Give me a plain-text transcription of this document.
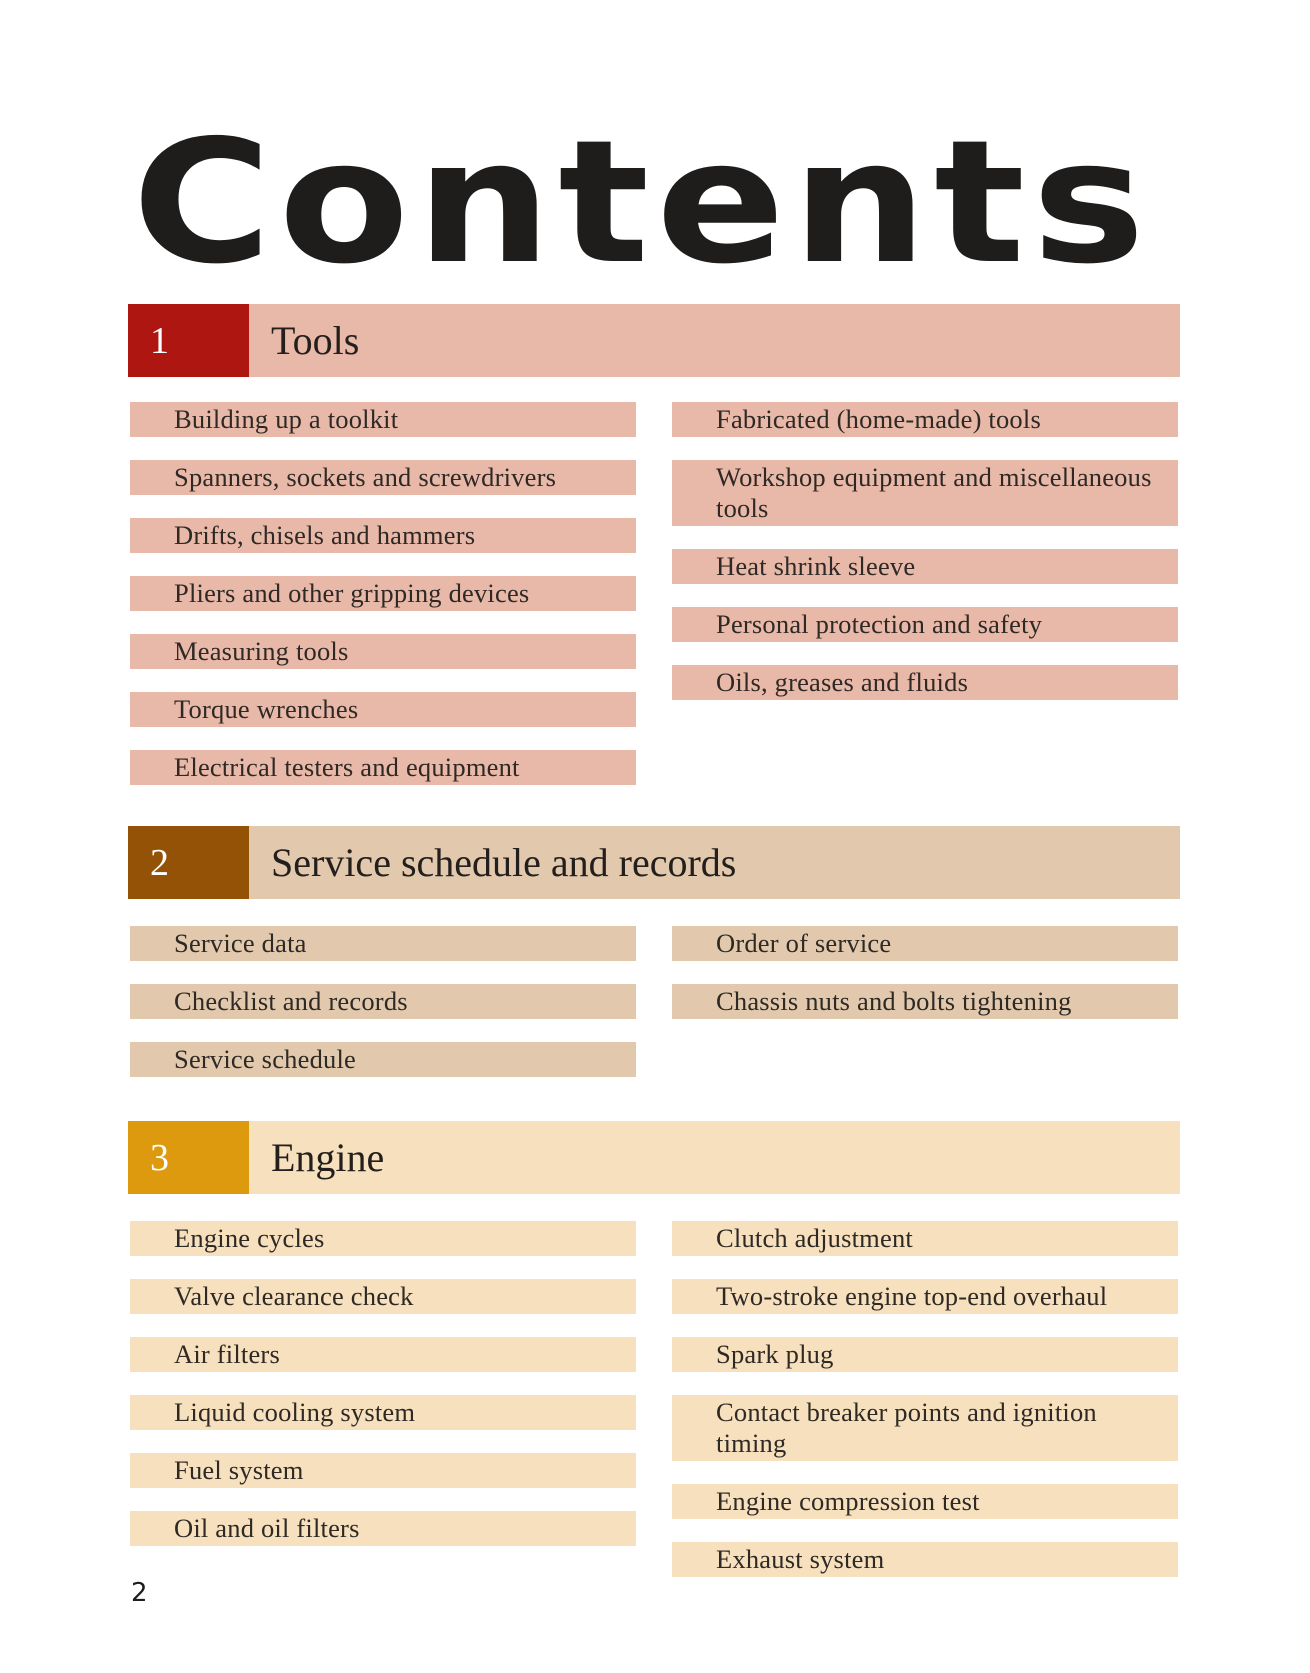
Contents
1	Tools
Building up a toolkit
Spanners, sockets and screwdrivers
Drifts, chisels and hammers
Pliers and other gripping devices
Measuring tools
Torque wrenches
Electrical testers and equipment
Fabricated (home-made) tools
Workshop equipment and miscellaneous tools
Heat shrink sleeve
Personal protection and safety
Oils, greases and fluids
2	Service schedule and records
Service data
Checklist and records
Service schedule
Order of service
Chassis nuts and bolts tightening
3	Engine
Engine cycles
Valve clearance check
Air filters
Liquid cooling system
Fuel system
Oil and oil filters
Clutch adjustment
Two-stroke engine top-end overhaul
Spark plug
Contact breaker points and ignition timing
Engine compression test
Exhaust system
2
